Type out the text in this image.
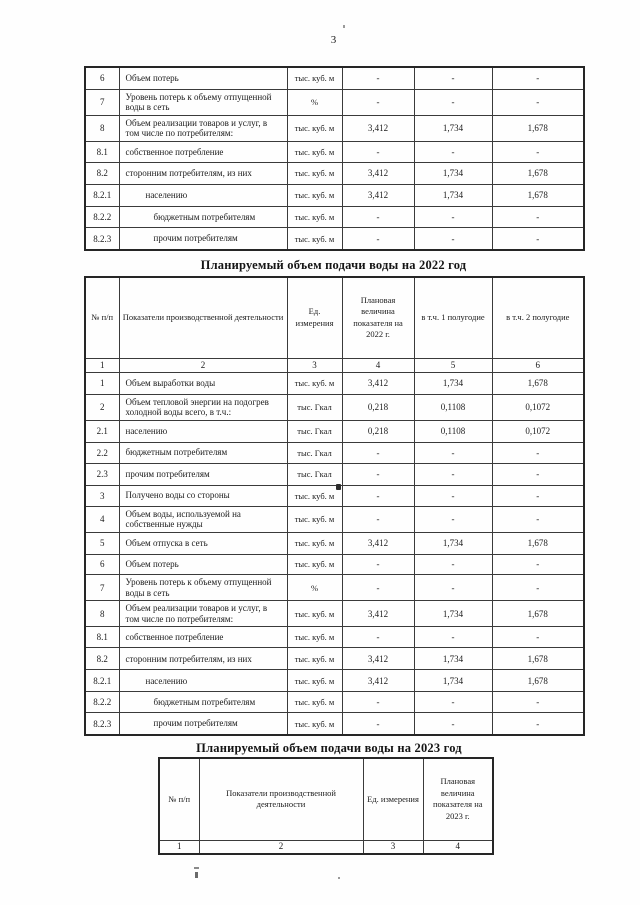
3
6	Объем потерь	тыс. куб. м	-	-	-
7	Уровень потерь к объему отпущенной воды в сеть	%	-	-	-
8	Объем реализации товаров и услуг, в том числе по потребителям:	тыс. куб. м	3,412	1,734	1,678
8.1	собственное потребление	тыс. куб. м	-	-	-
8.2	сторонним потребителям, из них	тыс. куб. м	3,412	1,734	1,678
8.2.1	населению	тыс. куб. м	3,412	1,734	1,678
8.2.2	бюджетным потребителям	тыс. куб. м	-	-	-
8.2.3	прочим потребителям	тыс. куб. м	-	-	-
Планируемый объем подачи воды на 2022 год
№ п/п	Показатели производственной деятельности	Ед. измерения	Плановая величина показателя на 2022 г.	в т.ч. 1 полугодие	в т.ч. 2 полугодие
1	2	3	4	5	6
1	Объем выработки воды	тыс. куб. м	3,412	1,734	1,678
2	Объем тепловой энергии на подогрев холодной воды всего, в т.ч.:	тыс. Гкал	0,218	0,1108	0,1072
2.1	населению	тыс. Гкал	0,218	0,1108	0,1072
2.2	бюджетным потребителям	тыс. Гкал	-	-	-
2.3	прочим потребителям	тыс. Гкал	-	-	-
3	Получено воды со стороны	тыс. куб. м	-	-	-
4	Объем воды, используемой на собственные нужды	тыс. куб. м	-	-	-
5	Объем отпуска в сеть	тыс. куб. м	3,412	1,734	1,678
6	Объем потерь	тыс. куб. м	-	-	-
7	Уровень потерь к объему отпущенной воды в сеть	%	-	-	-
8	Объем реализации товаров и услуг, в том числе по потребителям:	тыс. куб. м	3,412	1,734	1,678
8.1	собственное потребление	тыс. куб. м	-	-	-
8.2	сторонним потребителям, из них	тыс. куб. м	3,412	1,734	1,678
8.2.1	населению	тыс. куб. м	3,412	1,734	1,678
8.2.2	бюджетным потребителям	тыс. куб. м	-	-	-
8.2.3	прочим потребителям	тыс. куб. м	-	-	-
Планируемый объем подачи воды на 2023 год
№ п/п	Показатели производственной деятельности	Ед. измерения	Плановая величина показателя на 2023 г.
1	2	3	4
